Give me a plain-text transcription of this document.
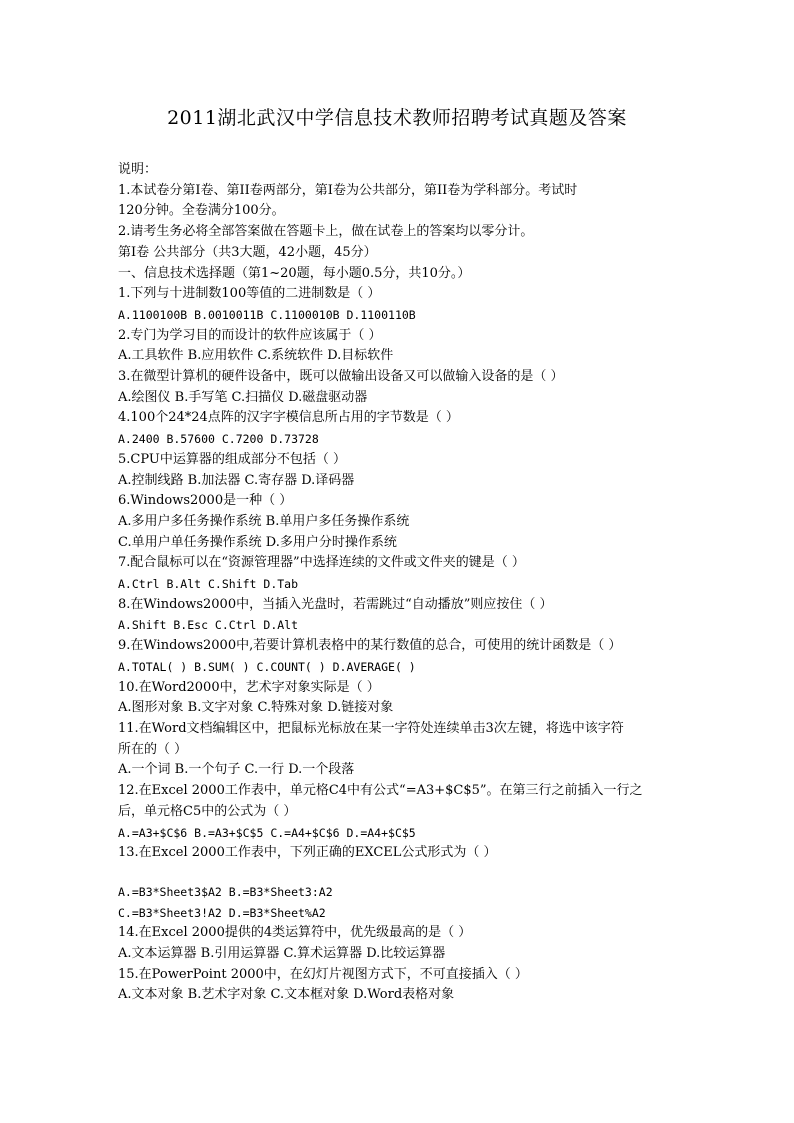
2011湖北武汉中学信息技术教师招聘考试真题及答案
说明：
1.本试卷分第Ⅰ卷、第II卷两部分，第Ⅰ卷为公共部分，第II卷为学科部分。考试时
120分钟。全卷满分100分。
2.请考生务必将全部答案做在答题卡上，做在试卷上的答案均以零分计。
第Ⅰ卷 公共部分（共3大题，42小题，45分）
一、信息技术选择题（第1~20题，每小题0.5分，共10分。）
1.下列与十进制数100等值的二进制数是（ ）
A.1100100B B.0010011B C.1100010B D.1100110B
2.专门为学习目的而设计的软件应该属于（ ）
A.工具软件 B.应用软件 C.系统软件 D.目标软件
3.在微型计算机的硬件设备中，既可以做输出设备又可以做输入设备的是（ ）
A.绘图仪 B.手写笔 C.扫描仪 D.磁盘驱动器
4.100个24*24点阵的汉字字模信息所占用的字节数是（ ）
A.2400 B.57600 C.7200 D.73728
5.CPU中运算器的组成部分不包括（ ）
A.控制线路 B.加法器 C.寄存器 D.译码器
6.Windows2000是一种（ ）
A.多用户多任务操作系统 B.单用户多任务操作系统
C.单用户单任务操作系统 D.多用户分时操作系统
7.配合鼠标可以在“资源管理器”中选择连续的文件或文件夹的键是（ ）
A.Ctrl B.Alt C.Shift D.Tab
8.在Windows2000中，当插入光盘时，若需跳过“自动播放”则应按住（ ）
A.Shift B.Esc C.Ctrl D.Alt
9.在Windows2000中,若要计算机表格中的某行数值的总合，可使用的统计函数是（ ）
A.TOTAL( ) B.SUM( ) C.COUNT( ) D.AVERAGE( )
10.在Word2000中，艺术字对象实际是（ ）
A.图形对象 B.文字对象 C.特殊对象 D.链接对象
11.在Word文档编辑区中，把鼠标光标放在某一字符处连续单击3次左键，将选中该字符
所在的（ ）
A.一个词 B.一个句子 C.一行 D.一个段落
12.在Excel 2000工作表中，单元格C4中有公式“=A3+$C$5”。在第三行之前插入一行之
后，单元格C5中的公式为（ ）
A.=A3+$C$6 B.=A3+$C$5 C.=A4+$C$6 D.=A4+$C$5
13.在Excel 2000工作表中，下列正确的EXCEL公式形式为（ ）
A.=B3*Sheet3$A2 B.=B3*Sheet3:A2
C.=B3*Sheet3!A2 D.=B3*Sheet%A2
14.在Excel 2000提供的4类运算符中，优先级最高的是（ ）
A.文本运算器 B.引用运算器 C.算术运算器 D.比较运算器
15.在PowerPoint 2000中，在幻灯片视图方式下，不可直接插入（ ）
A.文本对象 B.艺术字对象 C.文本框对象 D.Word表格对象
